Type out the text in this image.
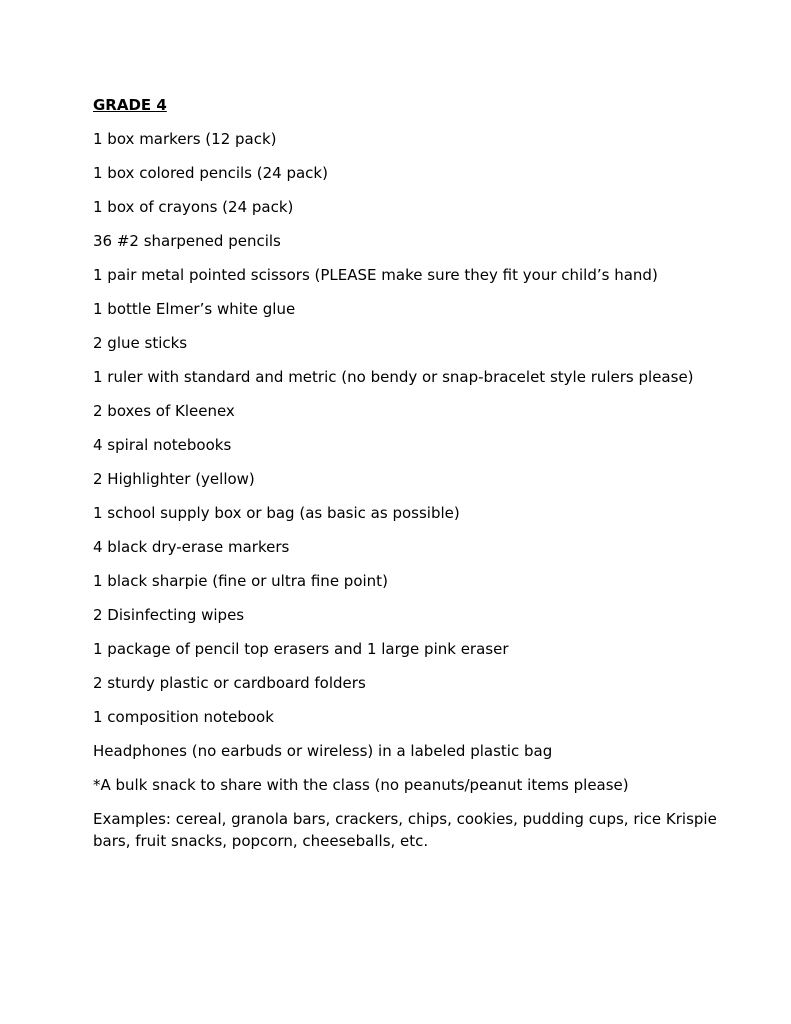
GRADE 4
1 box markers (12 pack)
1 box colored pencils (24 pack)
1 box of crayons (24 pack)
36 #2 sharpened pencils
1 pair metal pointed scissors (PLEASE make sure they fit your child’s hand)
1 bottle Elmer’s white glue
2 glue sticks
1 ruler with standard and metric (no bendy or snap-bracelet style rulers please)
2 boxes of Kleenex
4 spiral notebooks
2 Highlighter (yellow)
1 school supply box or bag (as basic as possible)
4 black dry-erase markers
1 black sharpie (fine or ultra fine point)
2 Disinfecting wipes
1 package of pencil top erasers and 1 large pink eraser
2 sturdy plastic or cardboard folders
1 composition notebook
Headphones (no earbuds or wireless) in a labeled plastic bag
*A bulk snack to share with the class (no peanuts/peanut items please)

Examples: cereal, granola bars, crackers, chips, cookies, pudding cups, rice Krispie bars, fruit snacks, popcorn, cheeseballs, etc.
